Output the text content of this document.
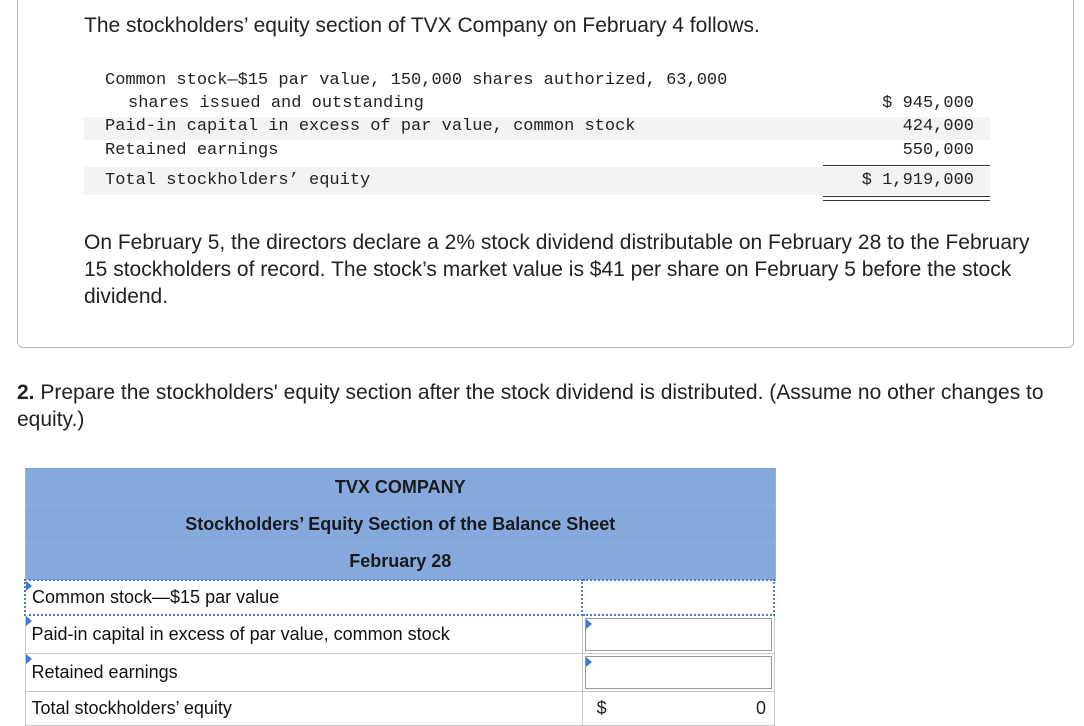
The stockholders’ equity section of TVX Company on February 4 follows.
Common stock—$15 par value, 150,000 shares authorized, 63,000
shares issued and outstanding	$ 945,000
Paid-in capital in excess of par value, common stock	424,000
Retained earnings	550,000
Total stockholders’ equity	$ 1,919,000
On February 5, the directors declare a 2% stock dividend distributable on February 28 to the February 15 stockholders of record. The stock’s market value is $41 per share on February 5 before the stock dividend.
2. Prepare the stockholders' equity section after the stock dividend is distributed. (Assume no other changes to equity.)
TVX COMPANY		
Stockholders’ Equity Section of the Balance Sheet		
February 28		

Common stock—$15 par value		

Paid-in capital in excess of par value, common stock	

Retained earnings	

Total stockholders’ equity	$ 0	
